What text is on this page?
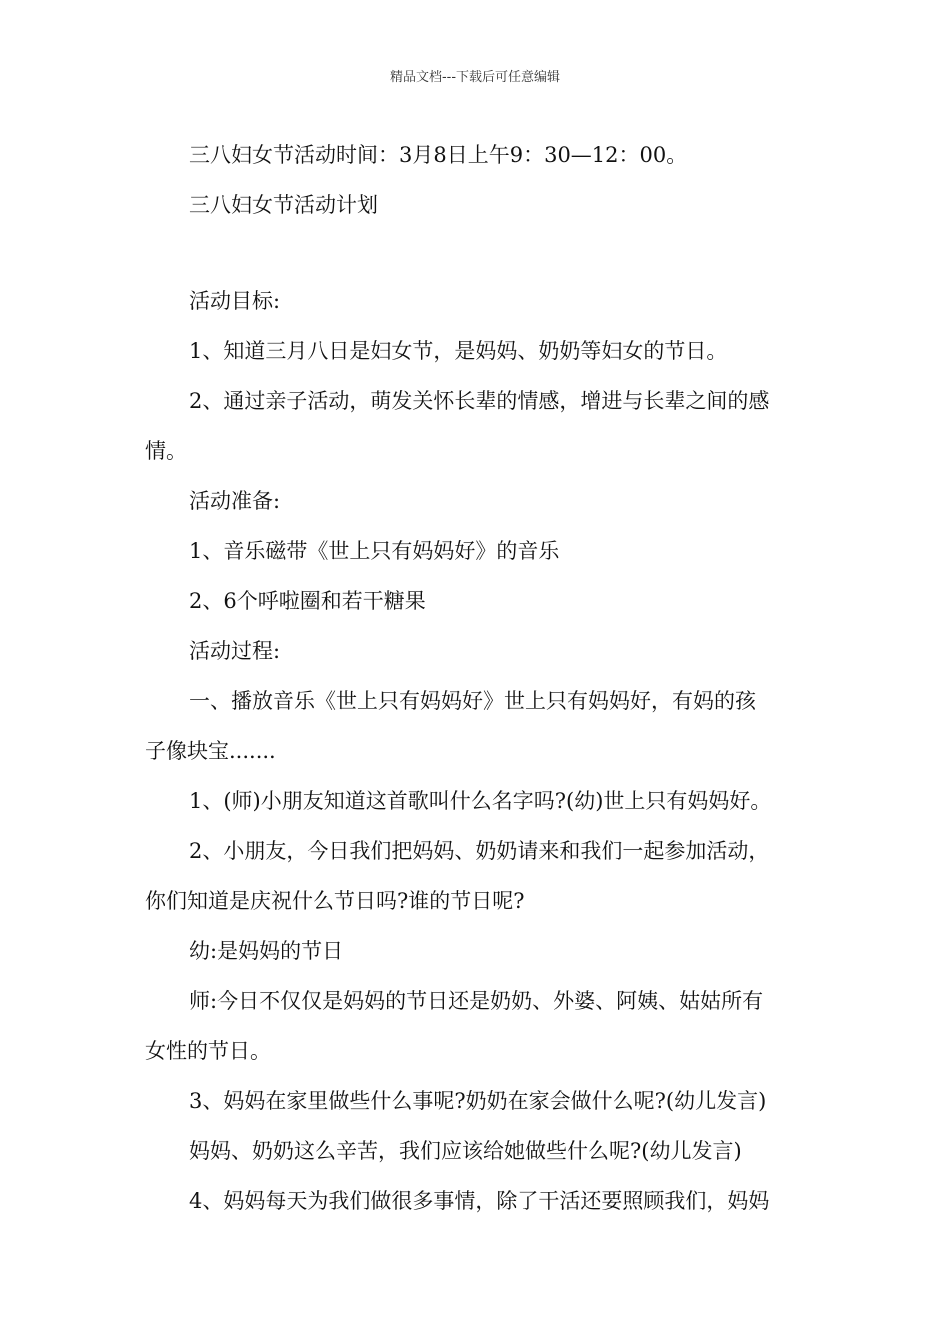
精品文档---下载后可任意编辑
三八妇女节活动时间：3月8日上午9：30—12：00。
三八妇女节活动计划
活动目标:
1、知道三月八日是妇女节，是妈妈、奶奶等妇女的节日。
2、通过亲子活动，萌发关怀长辈的情感，增进与长辈之间的感
情。
活动准备:
1、音乐磁带《世上只有妈妈好》的音乐
2、6个呼啦圈和若干糖果
活动过程:
一、播放音乐《世上只有妈妈好》世上只有妈妈好，有妈的孩
子像块宝.......
1、(师)小朋友知道这首歌叫什么名字吗?(幼)世上只有妈妈好。
2、小朋友，今日我们把妈妈、奶奶请来和我们一起参加活动，
你们知道是庆祝什么节日吗?谁的节日呢?
幼:是妈妈的节日
师:今日不仅仅是妈妈的节日还是奶奶、外婆、阿姨、姑姑所有
女性的节日。
3、妈妈在家里做些什么事呢?奶奶在家会做什么呢?(幼儿发言)
妈妈、奶奶这么辛苦，我们应该给她做些什么呢?(幼儿发言)
4、妈妈每天为我们做很多事情，除了干活还要照顾我们，妈妈
